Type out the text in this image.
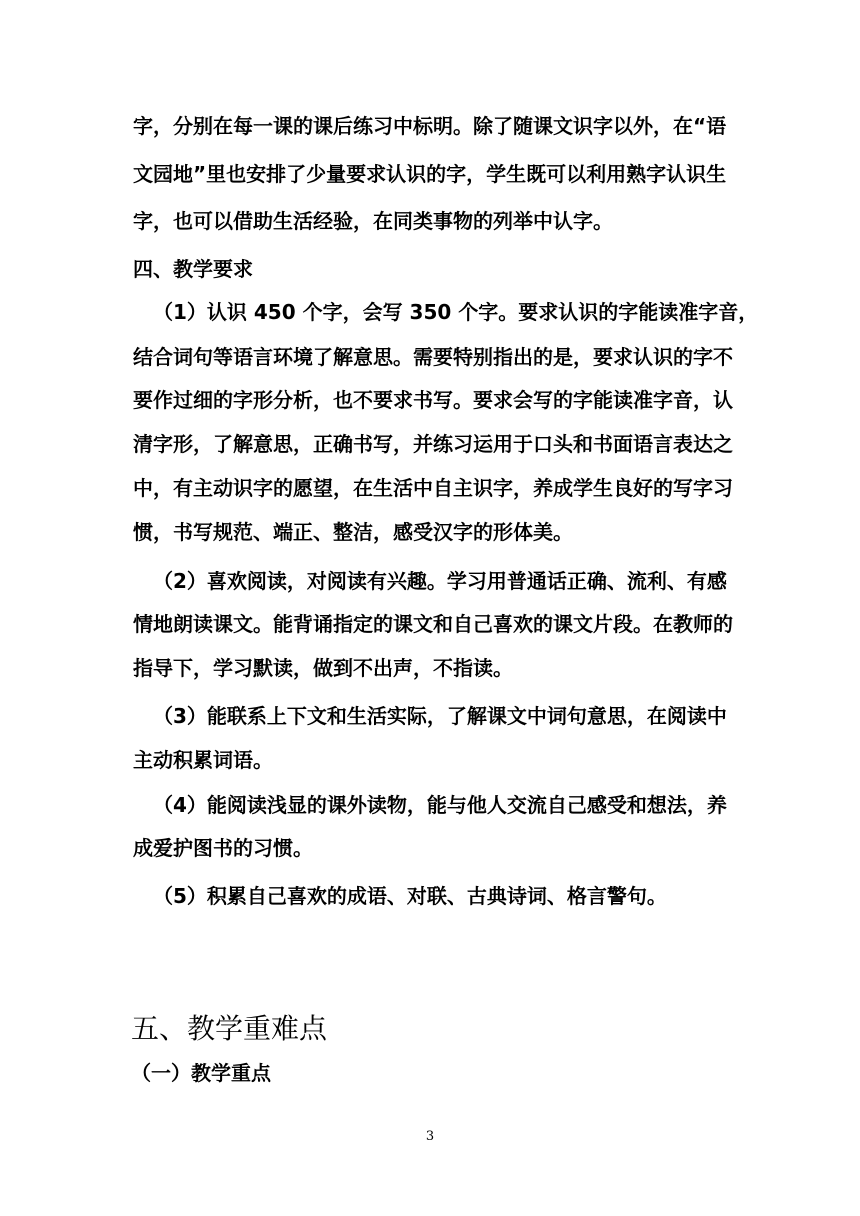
字，分别在每一课的课后练习中标明。除了随课文识字以外，在“语
文园地”里也安排了少量要求认识的字，学生既可以利用熟字认识生
字，也可以借助生活经验，在同类事物的列举中认字。
四、教学要求
（1）认识 450 个字，会写 350 个字。要求认识的字能读准字音，
结合词句等语言环境了解意思。需要特别指出的是，要求认识的字不
要作过细的字形分析，也不要求书写。要求会写的字能读准字音，认
清字形，了解意思，正确书写，并练习运用于口头和书面语言表达之
中，有主动识字的愿望，在生活中自主识字，养成学生良好的写字习
惯，书写规范、端正、整洁，感受汉字的形体美。
（2）喜欢阅读，对阅读有兴趣。学习用普通话正确、流利、有感
情地朗读课文。能背诵指定的课文和自己喜欢的课文片段。在教师的
指导下，学习默读，做到不出声，不指读。
（3）能联系上下文和生活实际，了解课文中词句意思，在阅读中
主动积累词语。
（4）能阅读浅显的课外读物，能与他人交流自己感受和想法，养
成爱护图书的习惯。
（5）积累自己喜欢的成语、对联、古典诗词、格言警句。
五、教学重难点
（一）教学重点
3
